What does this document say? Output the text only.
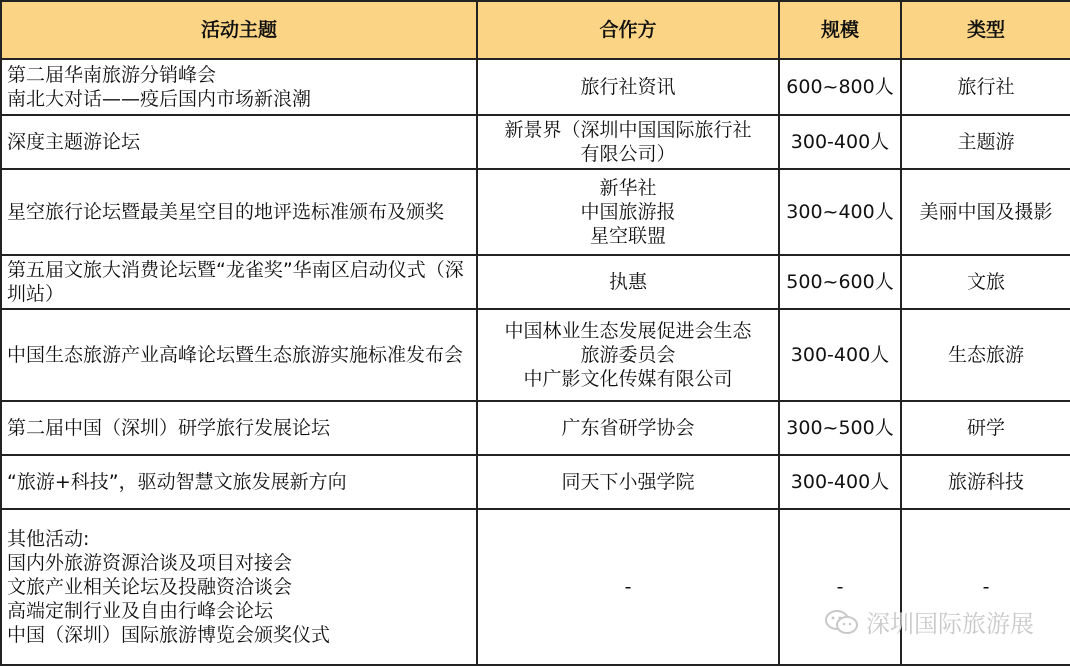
活动主题	合作方	规模	类型

第二届华南旅游分销峰会
南北大对话——疫后国内市场新浪潮	旅行社资讯	600~800人	旅行社

深度主题游论坛	新景界（深圳中国国际旅行社
有限公司）	300-400人	主题游

星空旅行论坛暨最美星空目的地评选标准颁布及颁奖	新华社
中国旅游报
星空联盟	300~400人	美丽中国及摄影

第五届文旅大消费论坛暨“龙雀奖”华南区启动仪式（深圳站）	执惠	500~600人	文旅

中国生态旅游产业高峰论坛暨生态旅游实施标准发布会	中国林业生态发展促进会生态
旅游委员会
中广影文化传媒有限公司	300-400人	生态旅游

第二届中国（深圳）研学旅行发展论坛	广东省研学协会	300~500人	研学

“旅游+科技”，驱动智慧文旅发展新方向	同天下小强学院	300-400人	旅游科技

其他活动:
国内外旅游资源洽谈及项目对接会
文旅产业相关论坛及投融资洽谈会
高端定制行业及自由行峰会论坛
中国（深圳）国际旅游博览会颁奖仪式	-	-	-
深圳国际旅游展
